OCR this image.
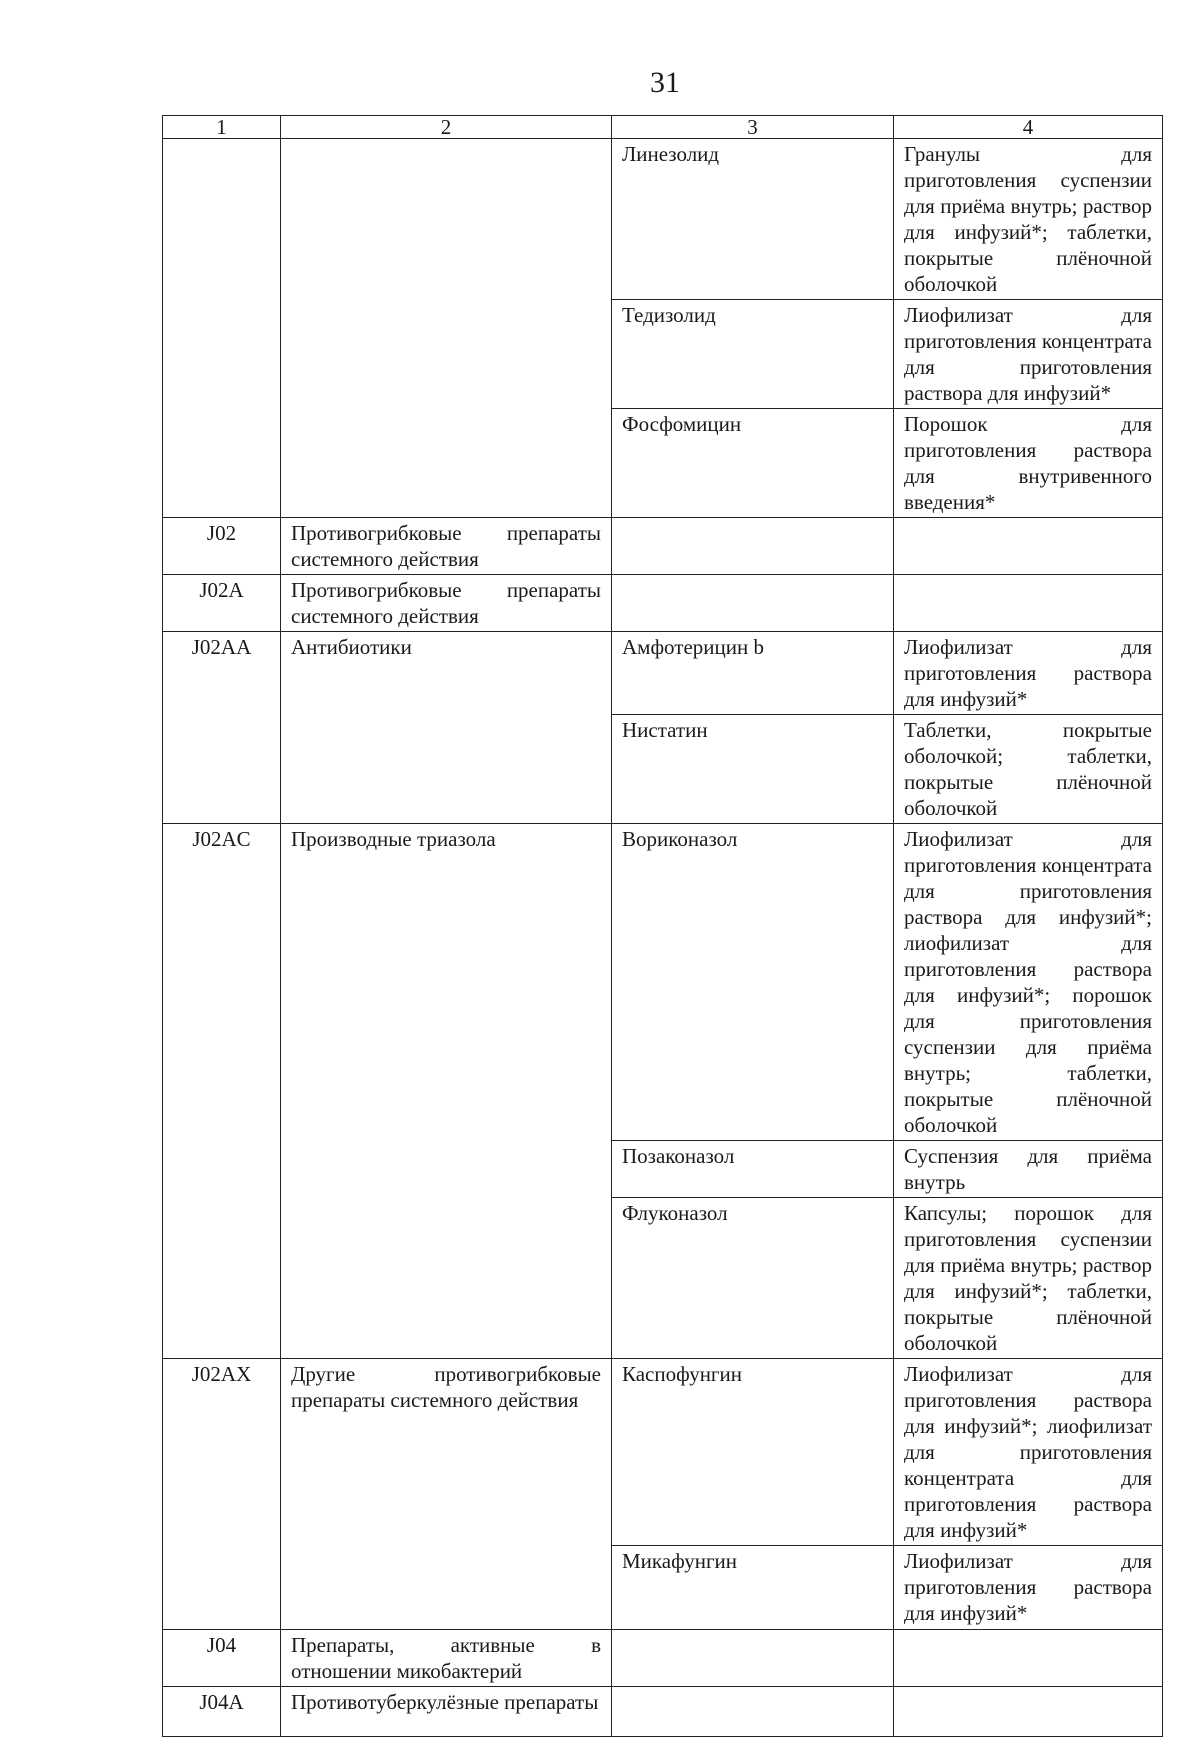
31
1	2	3	4
		Линезолид	Гранулы для приготовления суспензии для приёма внутрь; раствор для инфузий*; таблетки, покрытые плёночной оболочкой
		Тедизолид	Лиофилизат для приготовления концентрата для приготовления раствора для инфузий*
		Фосфомицин	Порошок для приготовления раствора для внутривенного введения*
J02	Противогрибковые препараты системного действия		
J02A	Противогрибковые препараты системного действия		
J02AA	Антибиотики	Амфотерицин b	Лиофилизат для приготовления раствора для инфузий*
		Нистатин	Таблетки, покрытые оболочкой; таблетки, покрытые плёночной оболочкой
J02AC	Производные триазола	Вориконазол	Лиофилизат для приготовления концентрата для приготовления раствора для инфузий*; лиофилизат для приготовления раствора для инфузий*; порошок для приготовления суспензии для приёма внутрь; таблетки, покрытые плёночной оболочкой
		Позаконазол	Суспензия для приёма внутрь
		Флуконазол	Капсулы; порошок для приготовления суспензии для приёма внутрь; раствор для инфузий*; таблетки, покрытые плёночной оболочкой
J02AX	Другие противогрибковые препараты системного действия	Каспофунгин	Лиофилизат для приготовления раствора для инфузий*; лиофилизат для приготовления концентрата для приготовления раствора для инфузий*
		Микафунгин	Лиофилизат для приготовления раствора для инфузий*
J04	Препараты, активные в отношении микобактерий		
J04A	Противотуберкулёзные препараты		
